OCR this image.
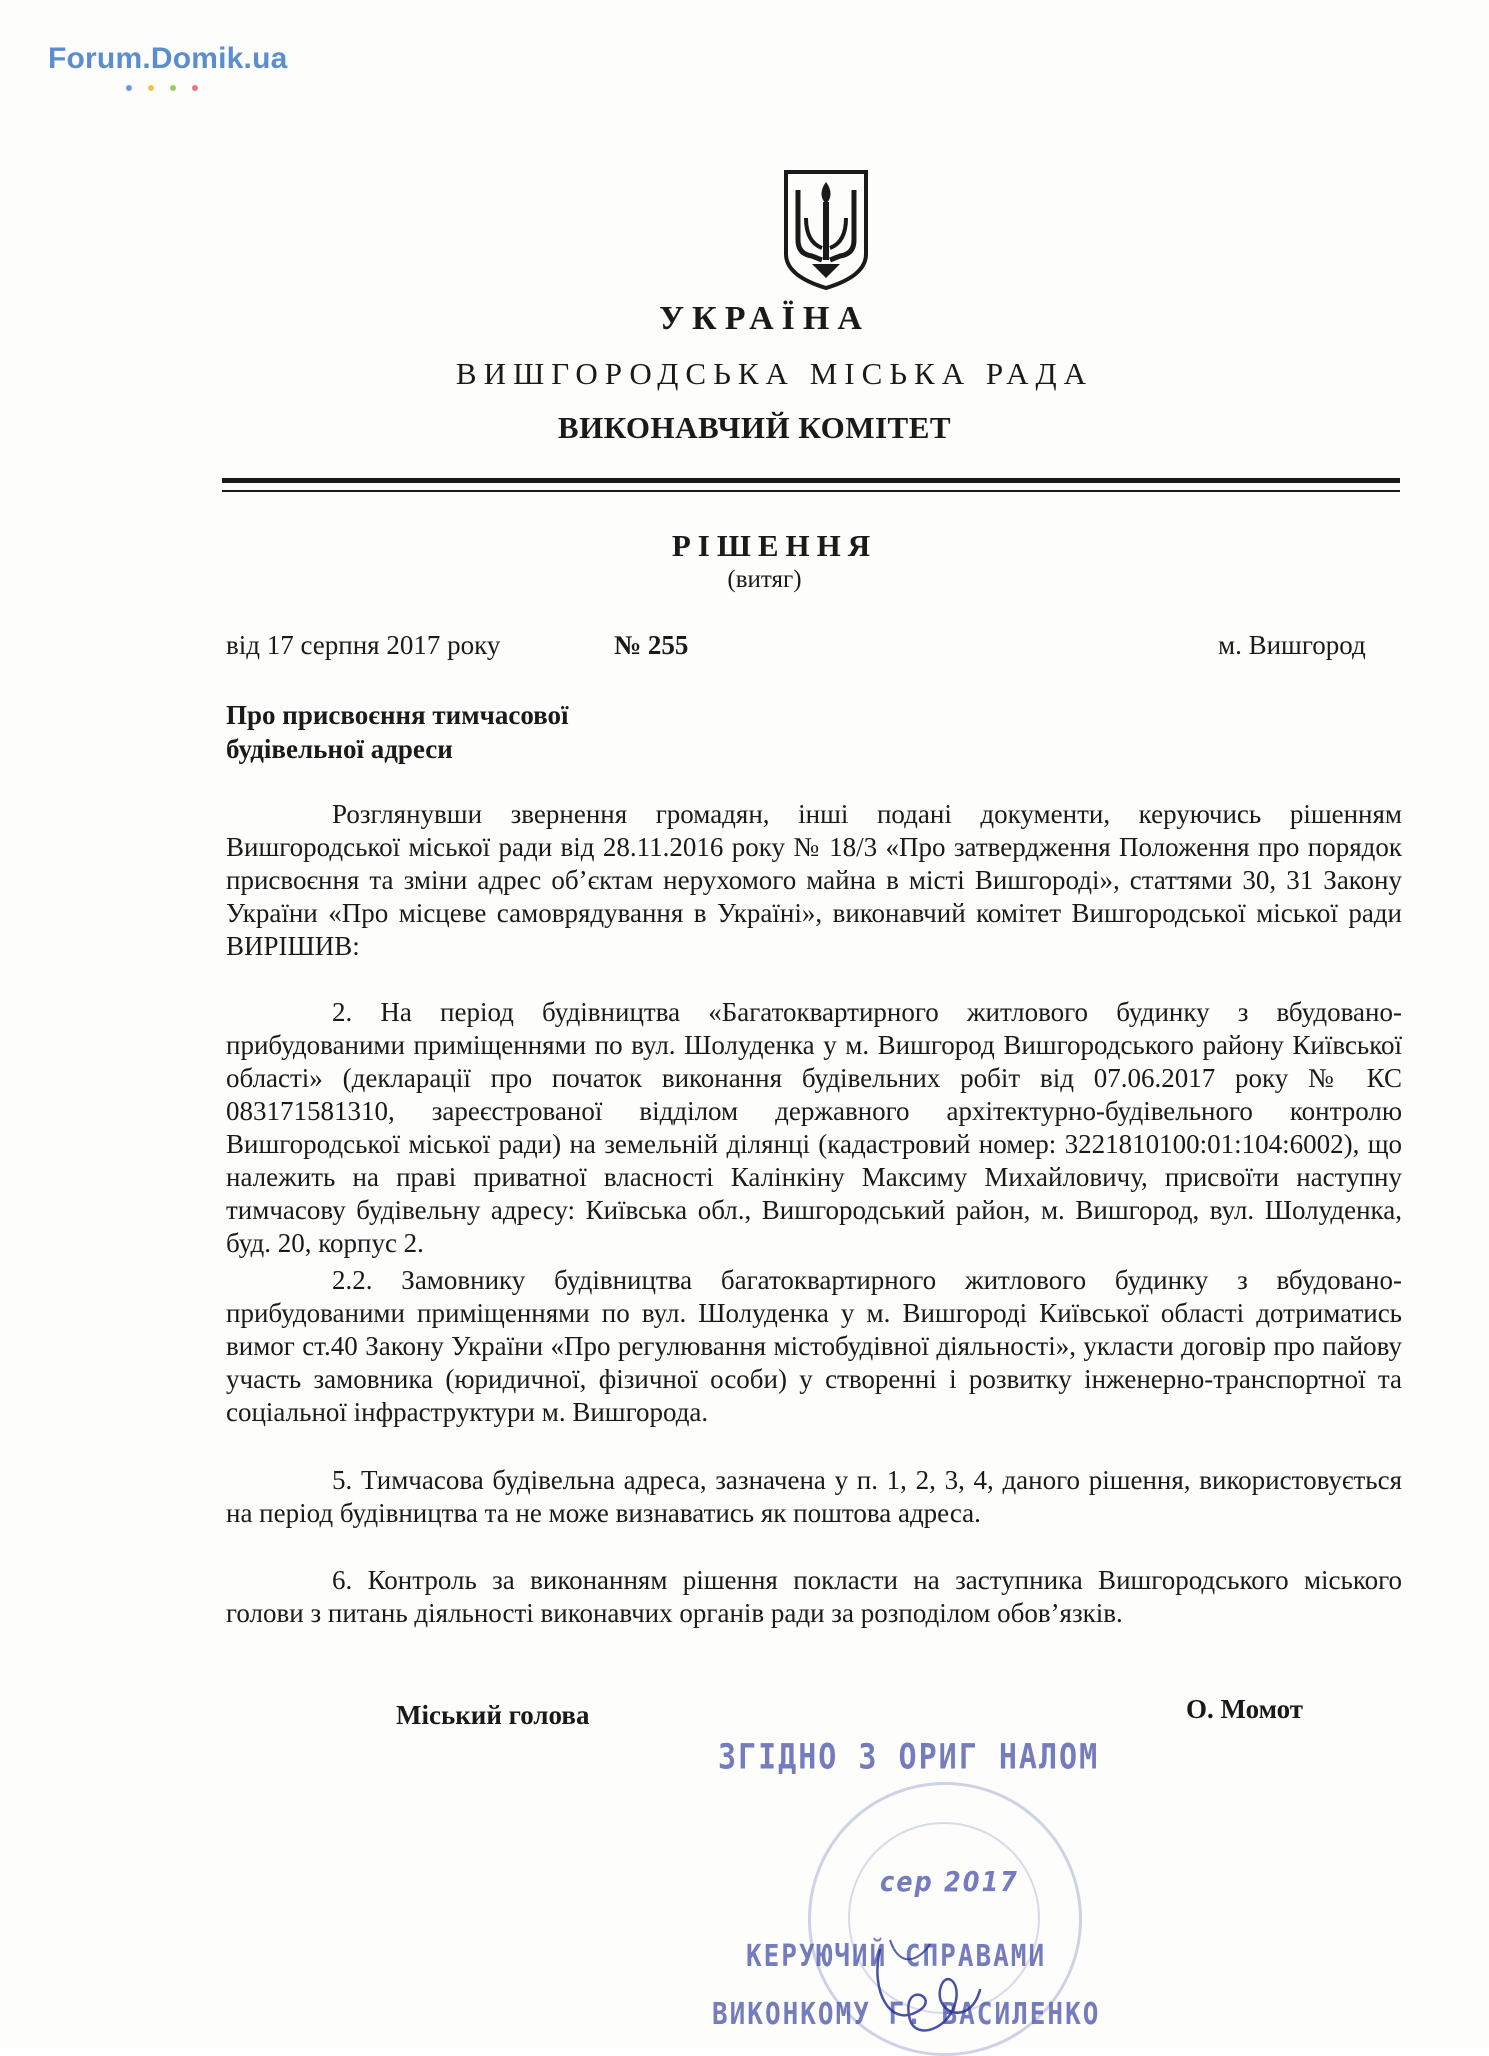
Forum.Domik.ua
УКРАЇНА
ВИШГОРОДСЬКА МІСЬКА РАДА
ВИКОНАВЧИЙ КОМІТЕТ
РІШЕННЯ
(витяг)
від 17 серпня 2017 року	№ 255	м. Вишгород
Про присвоєння тимчасової
будівельної адреси
Розглянувши звернення громадян, інші подані документи, керуючись рішенням Вишгородської міської ради від 28.11.2016 року № 18/3 «Про затвердження Положення про порядок присвоєння та зміни адрес об’єктам нерухомого майна в місті Вишгороді», статтями 30, 31 Закону України «Про місцеве самоврядування в Україні», виконавчий комітет Вишгородської міської ради ВИРІШИВ:
2. На період будівництва «Багатоквартирного житлового будинку з вбудовано-прибудованими приміщеннями по вул. Шолуденка у м. Вишгород Вишгородського району Київської області» (декларації про початок виконання будівельних робіт від 07.06.2017 року № КС 083171581310, зареєстрованої відділом державного архітектурно-будівельного контролю Вишгородської міської ради) на земельній ділянці (кадастровий номер: 3221810100:01:104:6002), що належить на праві приватної власності Калінкіну Максиму Михайловичу, присвоїти наступну тимчасову будівельну адресу: Київська обл., Вишгородський район, м. Вишгород, вул. Шолуденка, буд. 20, корпус 2.
2.2. Замовнику будівництва багатоквартирного житлового будинку з вбудовано-прибудованими приміщеннями по вул. Шолуденка у м. Вишгороді Київської області дотриматись вимог ст.40 Закону України «Про регулювання містобудівної діяльності», укласти договір про пайову участь замовника (юридичної, фізичної особи) у створенні і розвитку інженерно-транспортної та соціальної інфраструктури м. Вишгорода.
5. Тимчасова будівельна адреса, зазначена у п. 1, 2, 3, 4, даного рішення, використовується на період будівництва та не може визнаватись як поштова адреса.
6. Контроль за виконанням рішення покласти на заступника Вишгородського міського голови з питань діяльності виконавчих органів ради за розподілом обов’язків.
Міський голова	О. Момот
ЗГІДНО З ОРИГ НАЛОМ
сер 2017
КЕРУЮЧИЙ СПРАВАМИ
ВИКОНКОМУ Г. ВАСИЛЕНКО
